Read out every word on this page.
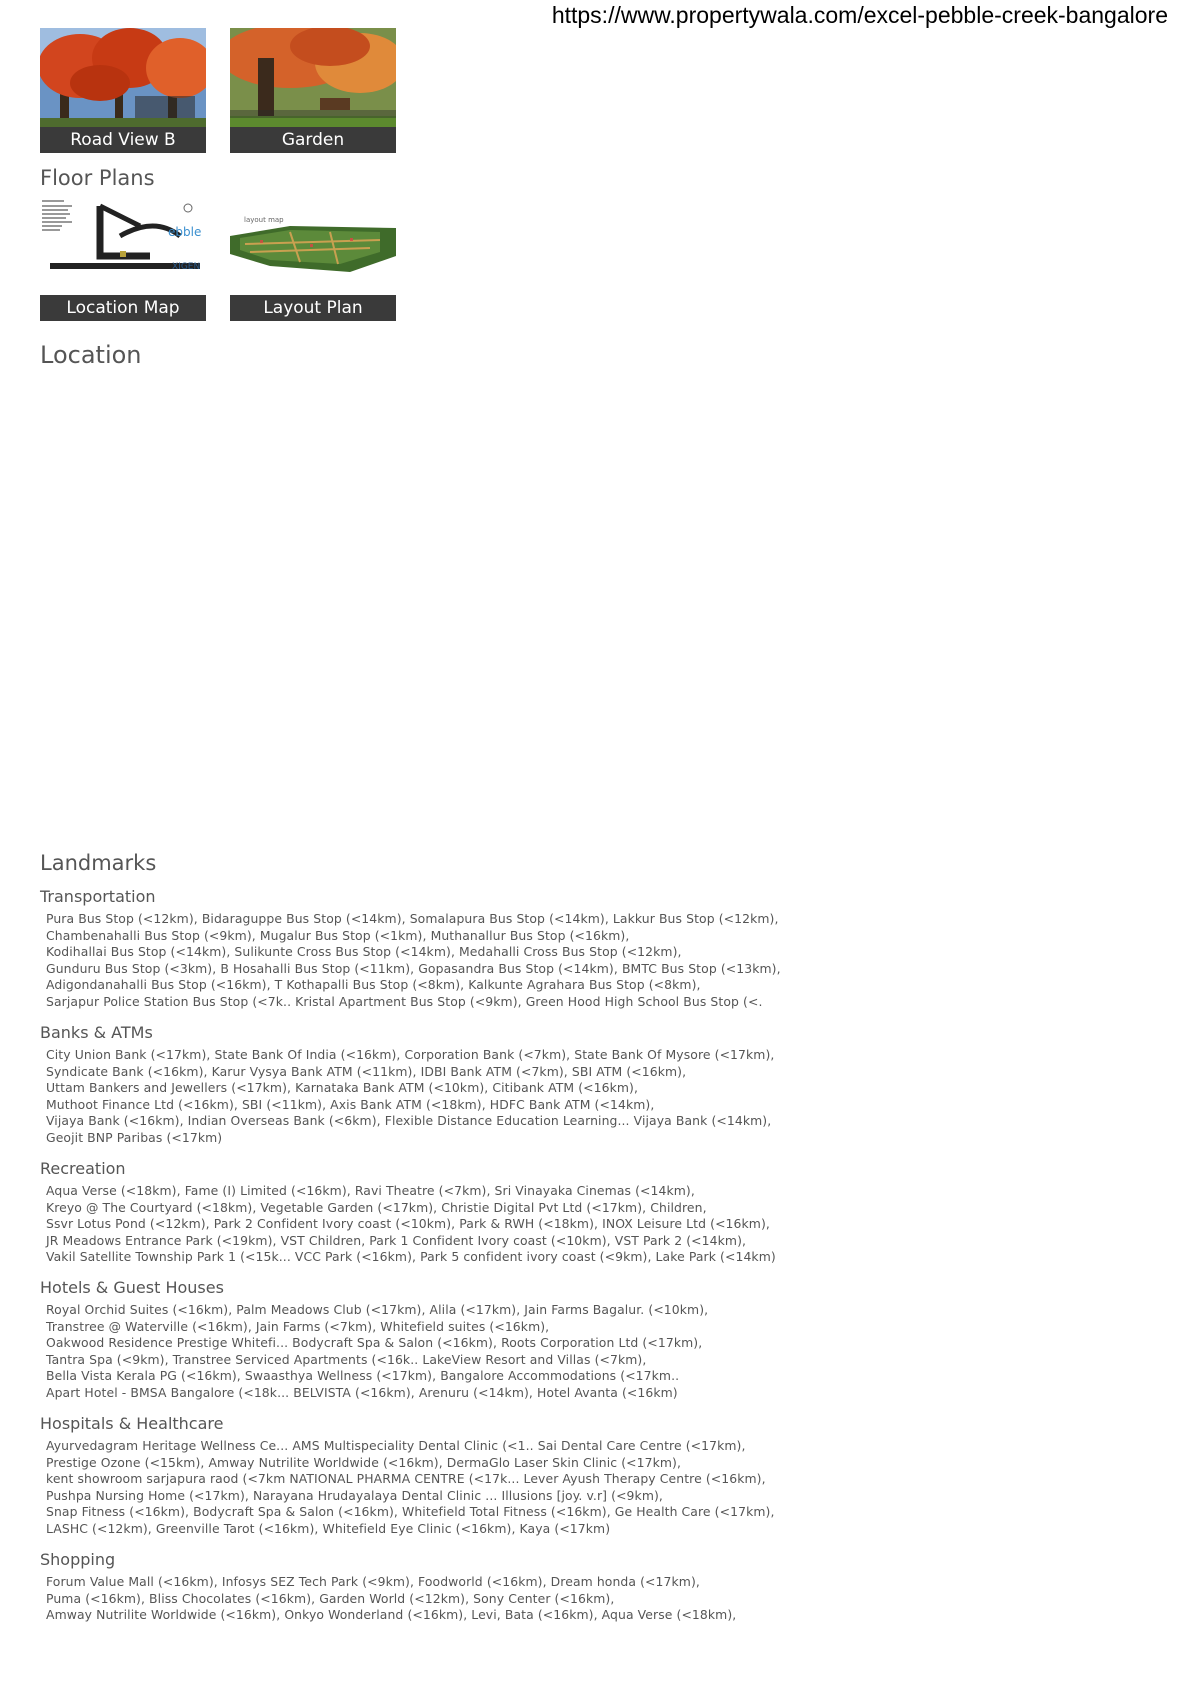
https://www.propertywala.com/excel-pebble-creek-bangalore
Road View B	Garden
Floor Plans
ebble
XIGEN
Location Map
layout map
Layout Plan
Location
Landmarks
Transportation
Pura Bus Stop (<12km), Bidaraguppe Bus Stop (<14km), Somalapura Bus Stop (<14km), Lakkur Bus Stop (<12km),
Chambenahalli Bus Stop (<9km), Mugalur Bus Stop (<1km), Muthanallur Bus Stop (<16km),
Kodihallai Bus Stop (<14km), Sulikunte Cross Bus Stop (<14km), Medahalli Cross Bus Stop (<12km),
Gunduru Bus Stop (<3km), B Hosahalli Bus Stop (<11km), Gopasandra Bus Stop (<14km), BMTC Bus Stop (<13km),
Adigondanahalli Bus Stop (<16km), T Kothapalli Bus Stop (<8km), Kalkunte Agrahara Bus Stop (<8km),
Sarjapur Police Station Bus Stop (<7k.. Kristal Apartment Bus Stop (<9km), Green Hood High School Bus Stop (<.
Banks & ATMs
City Union Bank (<17km), State Bank Of India (<16km), Corporation Bank (<7km), State Bank Of Mysore (<17km),
Syndicate Bank (<16km), Karur Vysya Bank ATM (<11km), IDBI Bank ATM (<7km), SBI ATM (<16km),
Uttam Bankers and Jewellers (<17km), Karnataka Bank ATM (<10km), Citibank ATM (<16km),
Muthoot Finance Ltd (<16km), SBI (<11km), Axis Bank ATM (<18km), HDFC Bank ATM (<14km),
Vijaya Bank (<16km), Indian Overseas Bank (<6km), Flexible Distance Education Learning... Vijaya Bank (<14km),
Geojit BNP Paribas (<17km)
Recreation
Aqua Verse (<18km), Fame (I) Limited (<16km), Ravi Theatre (<7km), Sri Vinayaka Cinemas (<14km),
Kreyo @ The Courtyard (<18km), Vegetable Garden (<17km), Christie Digital Pvt Ltd (<17km), Children,
Ssvr Lotus Pond (<12km), Park 2 Confident Ivory coast (<10km), Park & RWH (<18km), INOX Leisure Ltd (<16km),
JR Meadows Entrance Park (<19km), VST Children, Park 1 Confident Ivory coast (<10km), VST Park 2 (<14km),
Vakil Satellite Township Park 1 (<15k... VCC Park (<16km), Park 5 confident ivory coast (<9km), Lake Park (<14km)
Hotels & Guest Houses
Royal Orchid Suites (<16km), Palm Meadows Club (<17km), Alila (<17km), Jain Farms Bagalur. (<10km),
Transtree @ Waterville (<16km), Jain Farms (<7km), Whitefield suites (<16km),
Oakwood Residence Prestige Whitefi... Bodycraft Spa & Salon (<16km), Roots Corporation Ltd (<17km),
Tantra Spa (<9km), Transtree Serviced Apartments (<16k.. LakeView Resort and Villas (<7km),
Bella Vista Kerala PG (<16km), Swaasthya Wellness (<17km), Bangalore Accommodations (<17km..
Apart Hotel - BMSA Bangalore (<18k... BELVISTA (<16km), Arenuru (<14km), Hotel Avanta (<16km)
Hospitals & Healthcare
Ayurvedagram Heritage Wellness Ce... AMS Multispeciality Dental Clinic (<1.. Sai Dental Care Centre (<17km),
Prestige Ozone (<15km), Amway Nutrilite Worldwide (<16km), DermaGlo Laser Skin Clinic (<17km),
kent showroom sarjapura raod (<7km NATIONAL PHARMA CENTRE (<17k... Lever Ayush Therapy Centre (<16km),
Pushpa Nursing Home (<17km), Narayana Hrudayalaya Dental Clinic ... Illusions [joy. v.r] (<9km),
Snap Fitness (<16km), Bodycraft Spa & Salon (<16km), Whitefield Total Fitness (<16km), Ge Health Care (<17km),
LASHC (<12km), Greenville Tarot (<16km), Whitefield Eye Clinic (<16km), Kaya (<17km)
Shopping
Forum Value Mall (<16km), Infosys SEZ Tech Park (<9km), Foodworld (<16km), Dream honda (<17km),
Puma (<16km), Bliss Chocolates (<16km), Garden World (<12km), Sony Center (<16km),
Amway Nutrilite Worldwide (<16km), Onkyo Wonderland (<16km), Levi, Bata (<16km), Aqua Verse (<18km),
